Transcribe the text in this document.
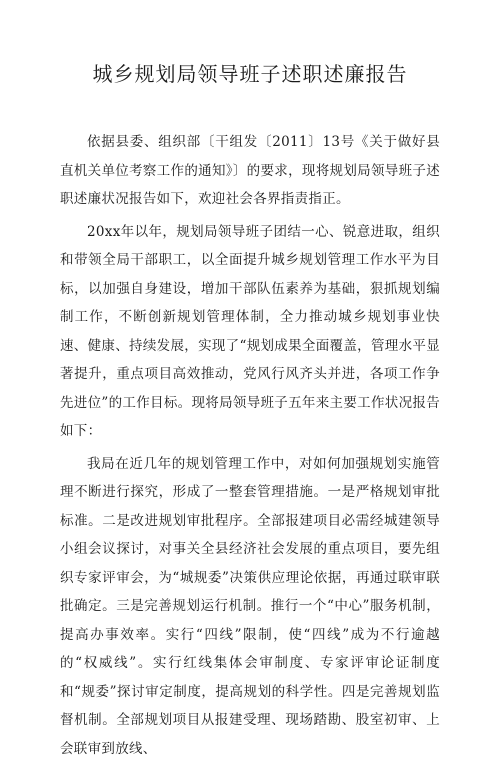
城乡规划局领导班子述职述廉报告

依据县委、组织部〔干组发〔2011〕13号《关于做好县直机关单位考察工作的通知》〕的要求，现将规划局领导班子述职述廉状况报告如下，欢迎社会各界指责指正。

20xx年以年，规划局领导班子团结一心、锐意进取，组织和带领全局干部职工，以全面提升城乡规划管理工作水平为目标，以加强自身建设，增加干部队伍素养为基础，狠抓规划编制工作，不断创新规划管理体制，全力推动城乡规划事业快速、健康、持续发展，实现了“规划成果全面覆盖，管理水平显著提升，重点项目高效推动，党风行风齐头并进，各项工作争先进位”的工作目标。现将局领导班子五年来主要工作状况报告如下：

我局在近几年的规划管理工作中，对如何加强规划实施管理不断进行探究，形成了一整套管理措施。一是严格规划审批标准。二是改进规划审批程序。全部报建项目必需经城建领导小组会议探讨，对事关全县经济社会发展的重点项目，要先组织专家评审会，为“城规委”决策供应理论依据，再通过联审联批确定。三是完善规划运行机制。推行一个“中心”服务机制，提高办事效率。实行“四线”限制，使“四线”成为不行逾越的“权威线”。实行红线集体会审制度、专家评审论证制度和“规委”探讨审定制度，提高规划的科学性。四是完善规划监督机制。全部规划项目从报建受理、现场踏勘、股室初审、上会联审到放线、
